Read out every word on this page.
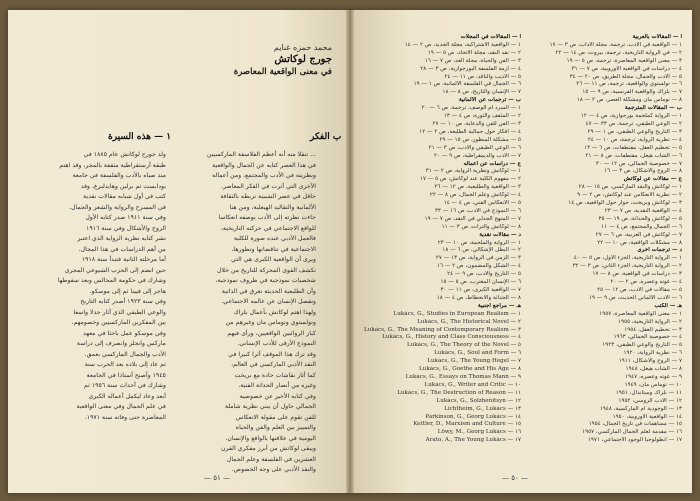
محمد حمزه غنايم
جورج لوكاتش
في معنى الواقعية المعاصرة
١ — هذه السيرة	ب الفكر
ولد جورج لوكاتش عام ١٨٨٥ في
طبقة أرستقراطية مثقفة بالمجر، وقد اهتم
منذ صباه بالأدب والفلسفة في جامعة
بودابست ثم برلين وهايدلبرغ، وقد
كتب في أول شبابه مقالات نقدية
في المسرح والرواية والشعر والجمال.
وفي سنة ١٩١١ صدر كتابه الأول
الروح والأشكال وفي سنة ١٩١٦
نشر كتابه نظرية الرواية الذي اعتبر
من أهم الدراسات في هذا المجال.
أما مرحلته الثانية فتبدأ سنة ١٩١٨
حين انضم إلى الحزب الشيوعي المجري
وشارك في حكومة المجالس وبعد سقوطها
هاجر إلى فيينا ثم إلى موسكو.
وفي سنة ١٩٢٣ أصدر كتابه التاريخ
والوعي الطبقي الذي أثار جدلا واسعا
بين المفكرين الماركسيين وخصومهم.
وفي موسكو عمل باحثا في معهد
ماركس وانجلز وانصرف إلى دراسة
الأدب والجمال الماركسي بعمق.
ثم عاد إلى بلاده بعد الحرب سنة
١٩٤٥ وأصبح أستاذا في الجامعة
وشارك في أحداث سنة ١٩٥٦ ثم
أبعد وعاد ليكمل أعماله الكبرى
في علم الجمال وفي معنى الواقعية
المعاصرة حتى وفاته سنة ١٩٧١.
... تنقلا منه أنه أعظم الفلاسفة الماركسيين
في هذا العصر كتابه عن الجمال والواقعية
ونظريته في الأدب والمجتمع، ومن أعماله
الأخرى التي أثرت في الفكر المعاصر.
حافل في عصر الشبيبة تربطه بالثقافة
الألمانية والتقاليد الهيغلية، ومن هنا
جاءت نظرته إلى الأدب بوصفه انعكاسا
للواقع الاجتماعي في حركته التاريخية،
فالعمل الأدبي عنده صورة للكلية
الاجتماعية في تناقضاتها وتطورها.
ويرى أن الواقعية الكبرى هي التي
تكشف القوى المحركة للتاريخ من خلال
شخصيات نموذجية في ظروف نموذجية،
وأن الطليعية الحديثة تغرق في الذاتية
وتفصل الإنسان عن عالمه الاجتماعي.
ولهذا اهتم لوكاتش بأعمال بلزاك
وتولستوي وتوماس مان وغيرهم من
كبار الروائيين الواقعيين، ورأى فيهم
النموذج الأرقى للأدب الإنساني.
وقد ترك هذا الموقف أثرا كبيرا في
النقد الأدبي الماركسي في العالم،
كما أثار نقاشات حادة مع بريخت
وغيره من أنصار الحداثة الفنية.
وفي كتابه الأخير عن خصوصية
الجمالي حاول أن يبني نظرية شاملة
للفن تقوم على مقولة الانعكاس
والتمييز بين العلم والفن والحياة
اليومية في علاقتها بالواقع والإنسان.
ويبقى لوكاتش من أبرز مفكري القرن
العشرين في الفلسفة وعلم الجمال
والنقد الأدبي على وجه الخصوص.
— ٥١ —
أ — المقالات بالعربية
١ — الواقعية في الأدب، ترجمة، مجلة الآداب، ص ٣ — ١٧
٢ — في الرواية التاريخية، ترجمة، بيروت، ص ١٤ — ٢٢
٣ — معنى الواقعية المعاصرة، ترجمة، ص ٥ — ١٩
٤ — دراسات في الواقعية الأوروبية، ص ٧ — ٣١
٥ — الأدب والجمال، مجلة الطريق، ص ٢٠ — ٣٤
٦ — تولستوي والواقعية، ترجمة، ص ١١ — ٢٦
٧ — بلزاك والواقعية الفرنسية، ص ٩ — ١٥
٨ — توماس مان ومشكلة العصر، ص ٢ — ١٨
ب — المقالات المترجمة
١ — الرواية كملحمة بورجوازية، ص ٤ — ١٢
٢ — الوعي الطبقي، ترجمة، ص ٣٣ — ٤٧
٣ — التاريخ والوعي الطبقي، ص ١ — ٢٩
٤ — نظرية الرواية، ترجمة، ص ١٠ — ٢٤
٥ — تحطيم العقل، مقتطفات، ص ٦ — ١٣
٦ — الشاب هيغل، مقتطفات، ص ٨ — ٢١
٧ — خصوصية الجمالي، ص ١٢ — ٣٠
٨ — الروح والأشكال، ص ٣ — ١٦
ج — مقالات عن لوكاتش
١ — لوكاتش والنقد الماركسي، ص ١٥ — ٢٨
٢ — نظرية الانعكاس عند لوكاتش، ص ٢ — ٩
٣ — لوكاتش وبريخت، حوار حول الواقعية، ص ١٤
٤ — الواقعية النقدية، ص ٧ — ٢٣
٥ — لوكاتش والحداثة، ص ١٩ — ٣٥
٦ — الجمال والمجتمع، ص ٤ — ١١
٧ — لوكاتش في العربية، ص ٦ — ٢٧
٨ — مشكلات الواقعية، ص ١٠ — ٢٢
د — ترجمات أخرى
١ — الرواية التاريخية، الجزء الأول، ص ٥ — ٤٠
٢ — الرواية التاريخية، الجزء الثاني، ص ٣ — ٣٢
٣ — دراسات في الواقعية، ص ٨ — ١٧
٤ — غوته وعصره، ص ٢ — ٢٠
٥ — مقالات في الأدب، ص ١٢ — ٢٥
٦ — الأدب الألماني الحديث، ص ٩ — ١٩
هـ — الكتب
١ — معنى الواقعية المعاصرة، ١٩٥٧
٢ — الرواية التاريخية، ١٩٥٥
٣ — تحطيم العقل، ١٩٥٤
٤ — خصوصية الجمالي، ١٩٦٣
٥ — التاريخ والوعي الطبقي، ١٩٢٣
٦ — نظرية الرواية، ١٩٢٠
٧ — الروح والأشكال، ١٩١١
٨ — الشاب هيغل، ١٩٤٨
٩ — غوته وعصره، ١٩٤٧
١٠ — توماس مان، ١٩٤٩
١١ — بلزاك وستاندال، ١٩٥١
١٢ — الأدب الروسي، ١٩٥٢
١٣ — الوجودية أم الماركسية، ١٩٤٨
١٤ — الواقعية الأوروبية، ١٩٥٠
١٥ — مساهمات في تاريخ الجمال، ١٩٥٤
١٦ — مقدمة لعلم الجمال الماركسي، ١٩٥٧
١٧ — أنطولوجيا الوجود الاجتماعي، ١٩٧١
أ — المقالات في المجلات
١ — الواقعية الاشتراكية، مجلة الجديد، ص ٢ — ١٤
٢ — نقد النقد، مجلة الاتحاد، ص ٥ — ١٩
٣ — الفن والحياة، مجلة الغد، ص ٧ — ١٦
٤ — أزمة الفلسفة البورجوازية، ص ٣ — ٢٨
٥ — الأديب والناقد، ص ١١ — ٢٤
٦ — الجمال في الفلسفة الألمانية، ص ١ — ١٩
٧ — الإنسان والتاريخ، ص ٨ — ١٨
ب — ترجمات عن الألمانية
١ — السرد أم الوصف، ترجمة، ص ٦ — ٢٠
٢ — المثقف والثورة، ص ٤ — ١٣
٣ — الفن للفن والدعاية، ص ١٠ — ٢٧
٤ — أفكار حول جمالية الطليعة، ص ٢ — ١٢
٥ — مشكلة المنظور، ص ١٥ — ٢٩
٦ — الوعي الطبقي والأدب، ص ٣ — ٢١
٧ — الأدب والديمقراطية، ص ٩ — ٢٠
ج — دراسات عن أعماله
١ — لوكاتش ونظرية الرواية، ص ٢ — ٣١
٢ — مفهوم الكلية عند لوكاتش، ص ٥ — ١٧
٣ — الواقعية والطليعية، ص ١٢ — ٢٦
٤ — لوكاتش وعلم الجمال، ص ٨ — ٢٢
٥ — الانعكاس الفني، ص ٤ — ١٤
٦ — النموذج في الأدب، ص ١٦ — ٣٣
٧ — المنهج الجدلي في النقد، ص ٧ — ١٩
٨ — لوكاتش والتراث، ص ٣ — ١١
د — مقالات نقدية
١ — الرواية والملحمة، ص ١٠ — ٢٣
٢ — البطل الإشكالي، ص ٦ — ١٨
٣ — الزمن في الرواية، ص ١٣ — ٢٧
٤ — الشكل والمضمون، ص ٢ — ١٦
٥ — التاريخ والأدب، ص ٩ — ٢٤
٦ — الإنسان المغترب، ص ٥ — ١٥
٧ — الواقعية الكبرى، ص ١١ — ٣٠
٨ — الحداثة والانحطاط، ص ٤ — ١٨
هـ — مراجع أجنبية
١ — Lukács, G., Studies in European Realism
٢ — Lukács, G., The Historical Novel
٣ — Lukács, G., The Meaning of Contemporary Realism
٤ — Lukács, G., History and Class Consciousness
٥ — Lukács, G., The Theory of the Novel
٦ — Lukács, G., Soul and Form
٧ — Lukács, G., The Young Hegel
٨ — Lukács, G., Goethe and His Age
٩ — Lukács, G., Essays on Thomas Mann
١٠ — Lukács, G., Writer and Critic
١١ — Lukács, G., The Destruction of Reason
١٢ — Lukács, G., Solzhenitsyn
١٣ — Lichtheim, G., Lukács
١٤ — Parkinson, G., Georg Lukács
١٥ — Kettler, D., Marxism and Culture
١٦ — Löwy, M., Georg Lukács
١٧ — Arato, A., The Young Lukács
— ٥٠ —
